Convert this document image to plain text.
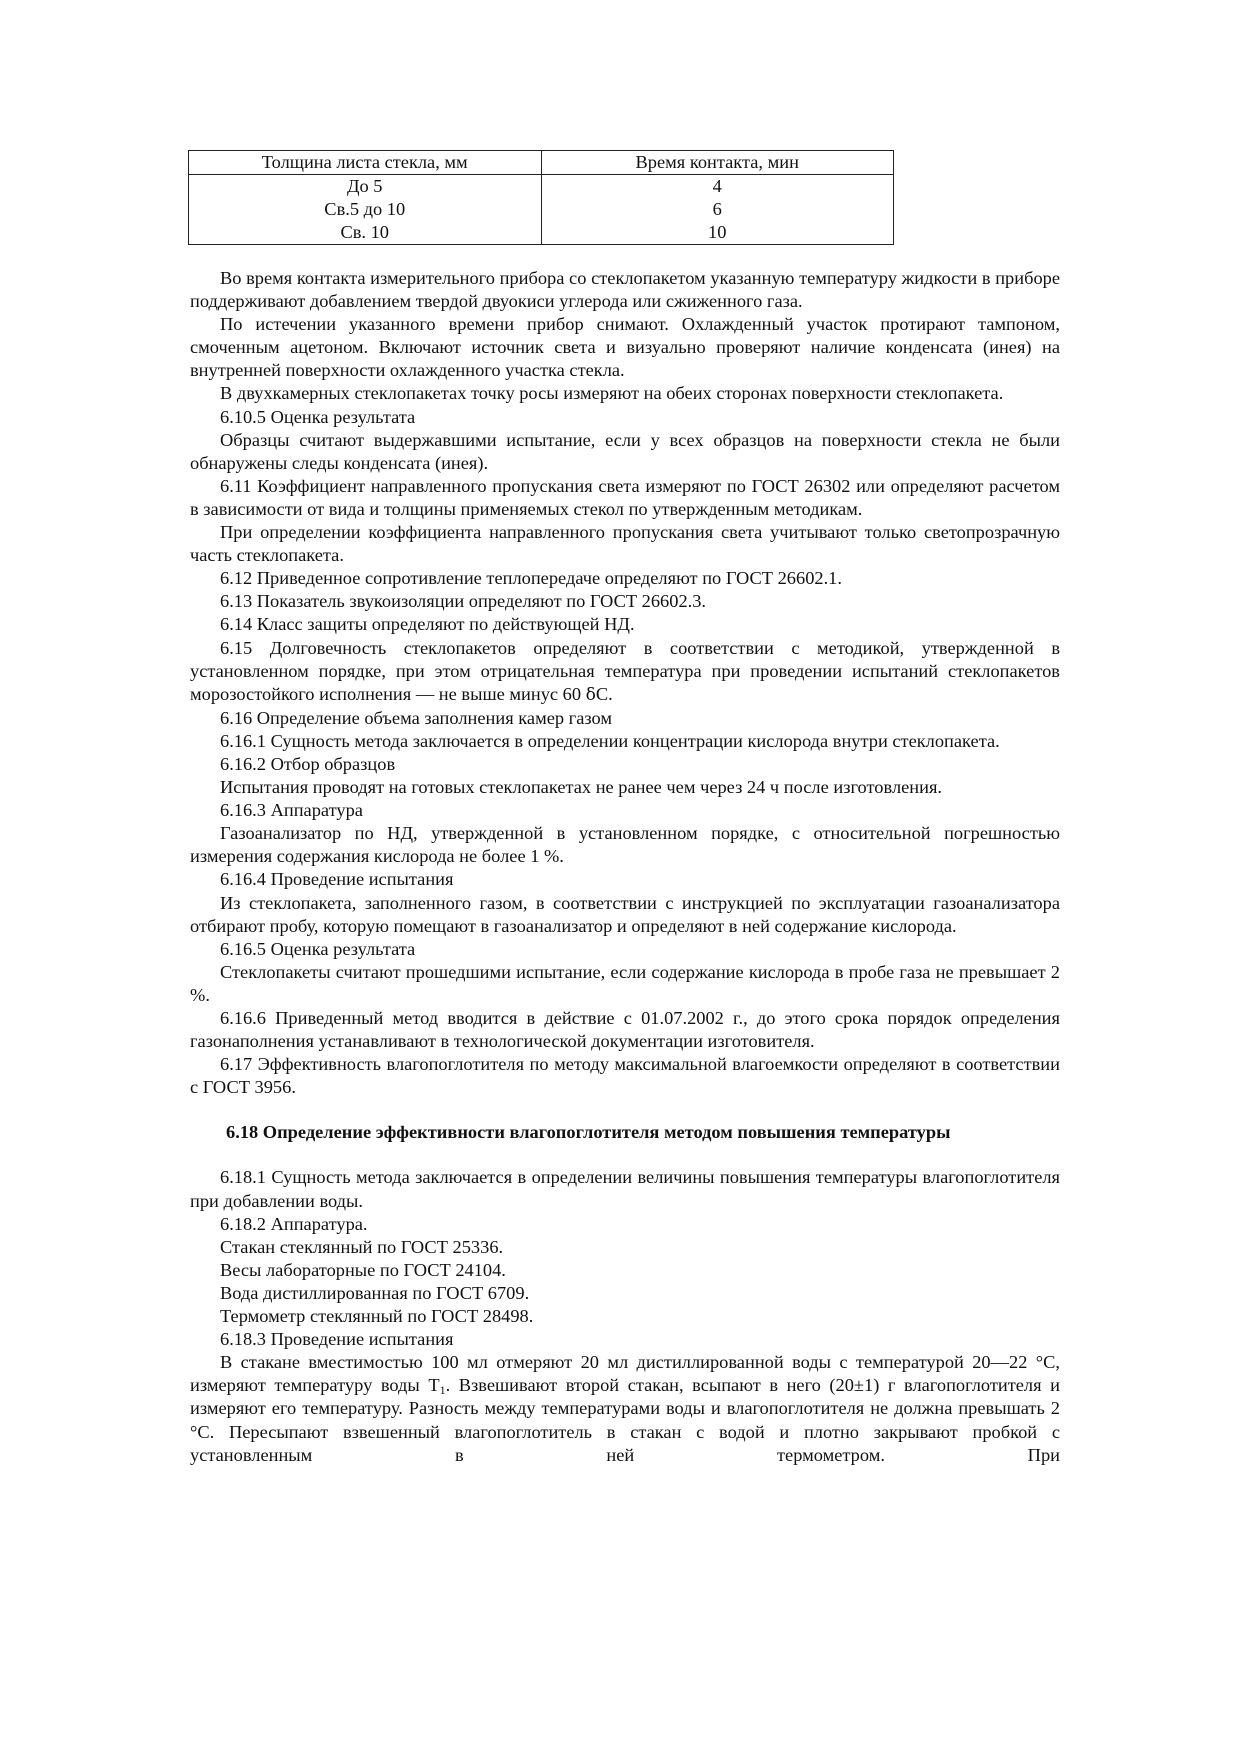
Толщина листа стекла, мм	Время контакта, мин
До 5	4
Св.5 до 10	6
Св. 10	10

Во время контакта измерительного прибора со стеклопакетом указанную температуру жидкости в приборе поддерживают добавлением твердой двуокиси углерода или сжиженного газа.

По истечении указанного времени прибор снимают. Охлажденный участок протирают тампоном, смоченным ацетоном. Включают источник света и визуально проверяют наличие конденсата (инея) на внутренней поверхности охлажденного участка стекла.

В двухкамерных стеклопакетах точку росы измеряют на обеих сторонах поверхности стеклопакета.

6.10.5 Оценка результата

Образцы считают выдержавшими испытание, если у всех образцов на поверхности стекла не были обнаружены следы конденсата (инея).

6.11 Коэффициент направленного пропускания света измеряют по ГОСТ 26302 или определяют расчетом в зависимости от вида и толщины применяемых стекол по утвержденным методикам.

При определении коэффициента направленного пропускания света учитывают только светопрозрачную часть стеклопакета.

6.12 Приведенное сопротивление теплопередаче определяют по ГОСТ 26602.1.

6.13 Показатель звукоизоляции определяют по ГОСТ 26602.3.

6.14 Класс защиты определяют по действующей НД.

6.15 Долговечность стеклопакетов определяют в соответствии с методикой, утвержденной в установленном порядке, при этом отрицательная температура при проведении испытаний стеклопакетов морозостойкого исполнения — не выше минус 60 δС.

6.16 Определение объема заполнения камер газом

6.16.1 Сущность метода заключается в определении концентрации кислорода внутри стеклопакета.

6.16.2 Отбор образцов

Испытания проводят на готовых стеклопакетах не ранее чем через 24 ч после изготовления.

6.16.3 Аппаратура

Газоанализатор по НД, утвержденной в установленном порядке, с относительной погрешностью измерения содержания кислорода не более 1 %.

6.16.4 Проведение испытания

Из стеклопакета, заполненного газом, в соответствии с инструкцией по эксплуатации газоанализатора отбирают пробу, которую помещают в газоанализатор и определяют в ней содержание кислорода.

6.16.5 Оценка результата

Стеклопакеты считают прошедшими испытание, если содержание кислорода в пробе газа не превышает 2 %.

6.16.6 Приведенный метод вводится в действие с 01.07.2002 г., до этого срока порядок определения газонаполнения устанавливают в технологической документации изготовителя.

6.17 Эффективность влагопоглотителя по методу максимальной влагоемкости определяют в соответствии с ГОСТ 3956.

6.18 Определение эффективности влагопоглотителя методом повышения температуры

6.18.1 Сущность метода заключается в определении величины повышения температуры влагопоглотителя при добавлении воды.

6.18.2 Аппаратура.

Стакан стеклянный по ГОСТ 25336.

Весы лабораторные по ГОСТ 24104.

Вода дистиллированная по ГОСТ 6709.

Термометр стеклянный по ГОСТ 28498.

6.18.3 Проведение испытания

В стакане вместимостью 100 мл отмеряют 20 мл дистиллированной воды с температурой 20—22 °С, измеряют температуру воды $Т_1$. Взвешивают второй стакан, всыпают в него (20±1) г влагопоглотителя и измеряют его температуру. Разность между температурами воды и влагопоглотителя не должна превышать 2 °С. Пересыпают взвешенный влагопоглотитель в стакан с водой и плотно закрывают пробкой с установленным в ней термометром. При
